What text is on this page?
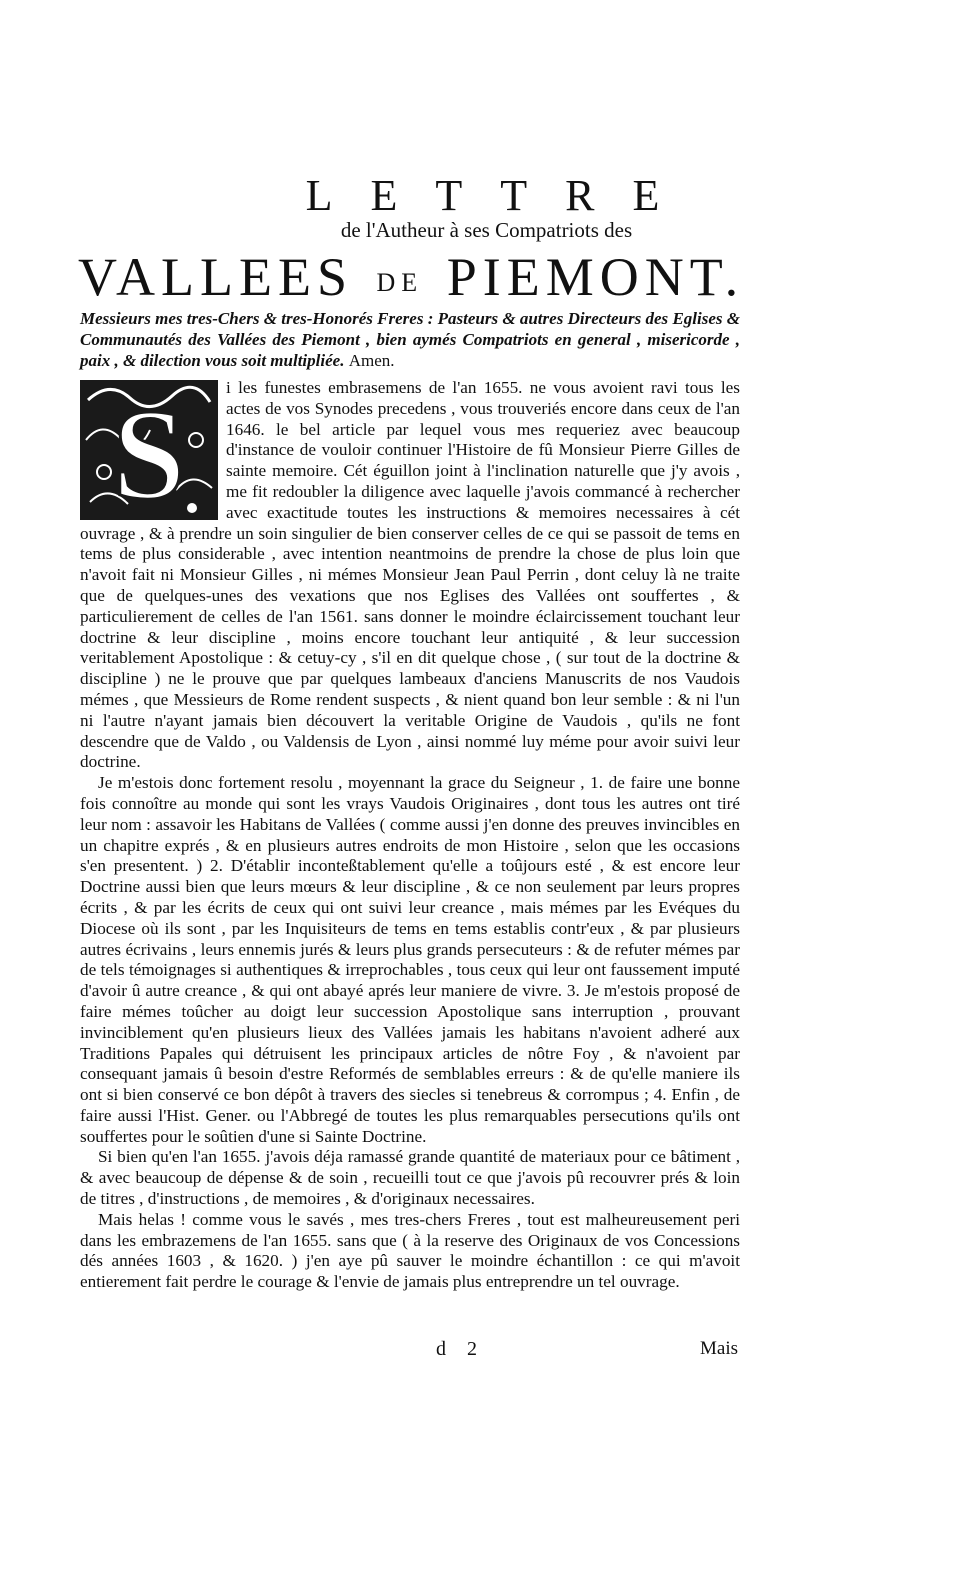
LETTRE
de l'Autheur à ses Compatriots des
VALLEES DE PIEMONT.
Messieurs mes tres-Chers & tres-Honorés Freres : Pasteurs & autres Directeurs des Eglises & Communautés des Vallées des Piemont , bien aymés Compatriots en general , misericorde , paix , & dilection vous soit multipliée. Amen.
S	i les funestes embrasemens de l'an 1655. ne vous avoient ravi tous les actes de vos Synodes precedens , vous trouveriés encore dans ceux de l'an 1646. le bel article par lequel vous mes requeriez avec beaucoup d'instance de vouloir continuer l'Histoire de fû Monsieur Pierre Gilles de sainte memoire. Cét éguillon joint à l'inclination naturelle que j'y avois , me fit redoubler la diligence avec laquelle j'avois commancé à rechercher avec exactitude toutes les instructions & memoires necessaires à cét ouvrage , & à prendre un soin singulier de bien conserver celles de ce qui se passoit de tems en tems de plus considerable , avec intention neantmoins de prendre la chose de plus loin que n'avoit fait ni Monsieur Gilles , ni mémes Monsieur Jean Paul Perrin , dont celuy là ne traite que de quelques-unes des vexations que nos Eglises des Vallées ont souffertes , & particulierement de celles de l'an 1561. sans donner le moindre éclaircissement touchant leur doctrine & leur discipline , moins encore touchant leur antiquité , & leur succession veritablement Apostolique : & cetuy-cy , s'il en dit quelque chose , ( sur tout de la doctrine & discipline ) ne le prouve que par quelques lambeaux d'anciens Manuscrits de nos Vaudois mémes , que Messieurs de Rome rendent suspects , & nient quand bon leur semble : & ni l'un ni l'autre n'ayant jamais bien découvert la veritable Origine de Vaudois , qu'ils ne font descendre que de Valdo , ou Valdensis de Lyon , ainsi nommé luy méme pour avoir suivi leur doctrine.

Je m'estois donc fortement resolu , moyennant la grace du Seigneur , 1. de faire une bonne fois connoître au monde qui sont les vrays Vaudois Originaires , dont tous les autres ont tiré leur nom : assavoir les Habitans de Vallées ( comme aussi j'en donne des preuves invincibles en un chapitre exprés , & en plusieurs autres endroits de mon Histoire , selon que les occasions s'en presentent. ) 2. D'établir inconteßtablement qu'elle a toûjours esté , & est encore leur Doctrine aussi bien que leurs mœurs & leur discipline , & ce non seulement par leurs propres écrits , & par les écrits de ceux qui ont suivi leur creance , mais mémes par les Evéques du Diocese où ils sont , par les Inquisiteurs de tems en tems establis contr'eux , & par plusieurs autres écrivains , leurs ennemis jurés & leurs plus grands persecuteurs : & de refuter mémes par de tels témoignages si authentiques & irreprochables , tous ceux qui leur ont faussement imputé d'avoir û autre creance , & qui ont abayé aprés leur maniere de vivre. 3. Je m'estois proposé de faire mémes toûcher au doigt leur succession Apostolique sans interruption , prouvant invinciblement qu'en plusieurs lieux des Vallées jamais les habitans n'avoient adheré aux Traditions Papales qui détruisent les principaux articles de nôtre Foy , & n'avoient par consequant jamais û besoin d'estre Reformés de semblables erreurs : & de qu'elle maniere ils ont si bien conservé ce bon dépôt à travers des siecles si tenebreus & corrompus ; 4. Enfin , de faire aussi l'Hist. Gener. ou l'Abbregé de toutes les plus remarquables persecutions qu'ils ont souffertes pour le soûtien d'une si Sainte Doctrine.

Si bien qu'en l'an 1655. j'avois déja ramassé grande quantité de materiaux pour ce bâtiment , & avec beaucoup de dépense & de soin , recueilli tout ce que j'avois pû recouvrer prés & loin de titres , d'instructions , de memoires , & d'originaux necessaires.

Mais helas ! comme vous le savés , mes tres-chers Freres , tout est malheureusement peri dans les embrazemens de l'an 1655. sans que ( à la reserve des Originaux de vos Concessions dés années 1603 , & 1620. ) j'en aye pû sauver le moindre échantillon : ce qui m'avoit entierement fait perdre le courage & l'envie de jamais plus entreprendre un tel ouvrage.

d 2	Mais
